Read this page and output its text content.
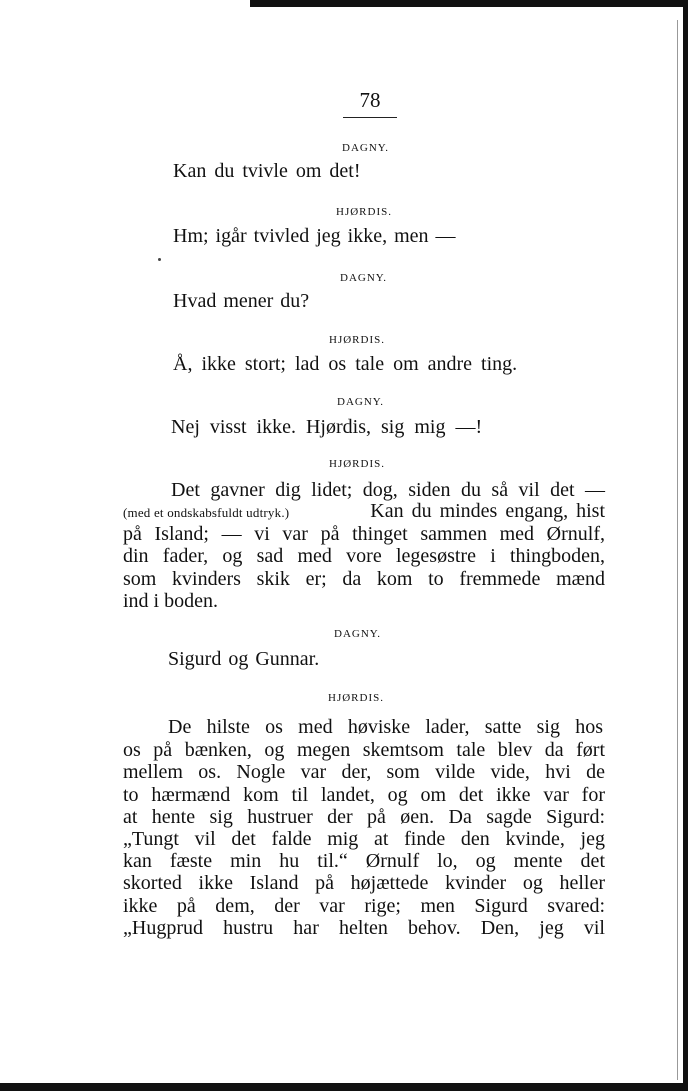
78
DAGNY.
Kan du tvivle om det!
HJØRDIS.
Hm; igår tvivled jeg ikke, men —
DAGNY.
Hvad mener du?
HJØRDIS.
Å, ikke stort; lad os tale om andre ting.
DAGNY.
Nej visst ikke. Hjørdis, sig mig —!
HJØRDIS.
Det gavner dig lidet; dog, siden du så vil det —
(med et ondskabsfuldt udtryk.)	Kan du mindes engang, hist
på Island; — vi var på thinget sammen med Ørnulf,
din fader, og sad med vore legesøstre i thingboden,
som kvinders skik er; da kom to fremmede mænd
ind i boden.
DAGNY.
Sigurd og Gunnar.
HJØRDIS.
De hilste os med høviske lader, satte sig hos
os på bænken, og megen skemtsom tale blev da ført
mellem os. Nogle var der, som vilde vide, hvi de
to hærmænd kom til landet, og om det ikke var for
at hente sig hustruer der på øen. Da sagde Sigurd:
„Tungt vil det falde mig at finde den kvinde, jeg
kan fæste min hu til.“ Ørnulf lo, og mente det
skorted ikke Island på højættede kvinder og heller
ikke på dem, der var rige; men Sigurd svared:
„Hugprud hustru har helten behov. Den, jeg vil
